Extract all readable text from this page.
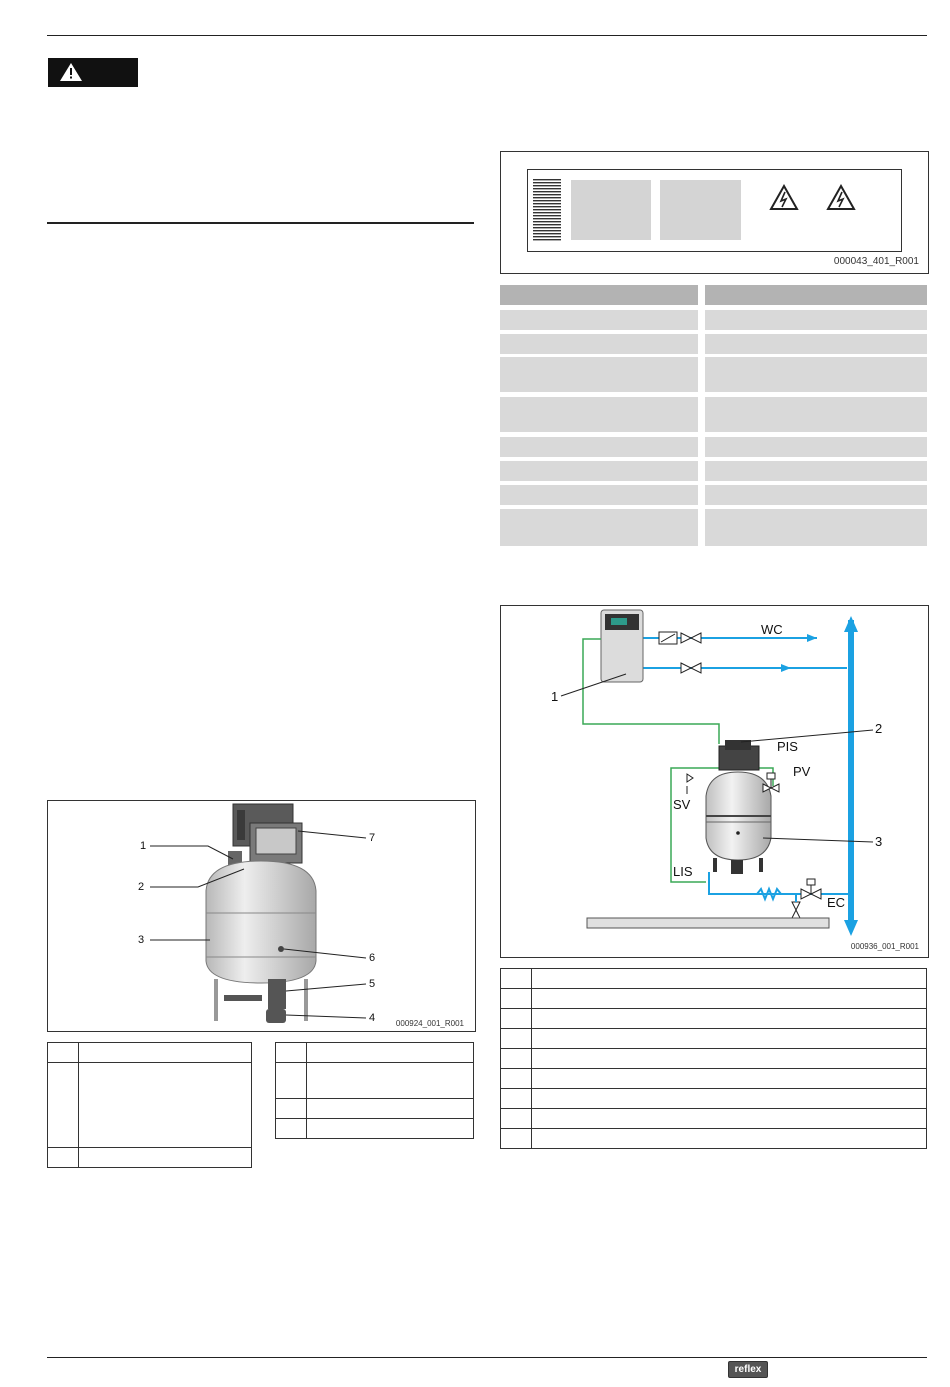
000043_401_R001
1
2
3
7
6
5
4	000924_001_R001

WC
PIS
PV
SV
LIS
EC
1
2
3
000936_001_R001

reflex
